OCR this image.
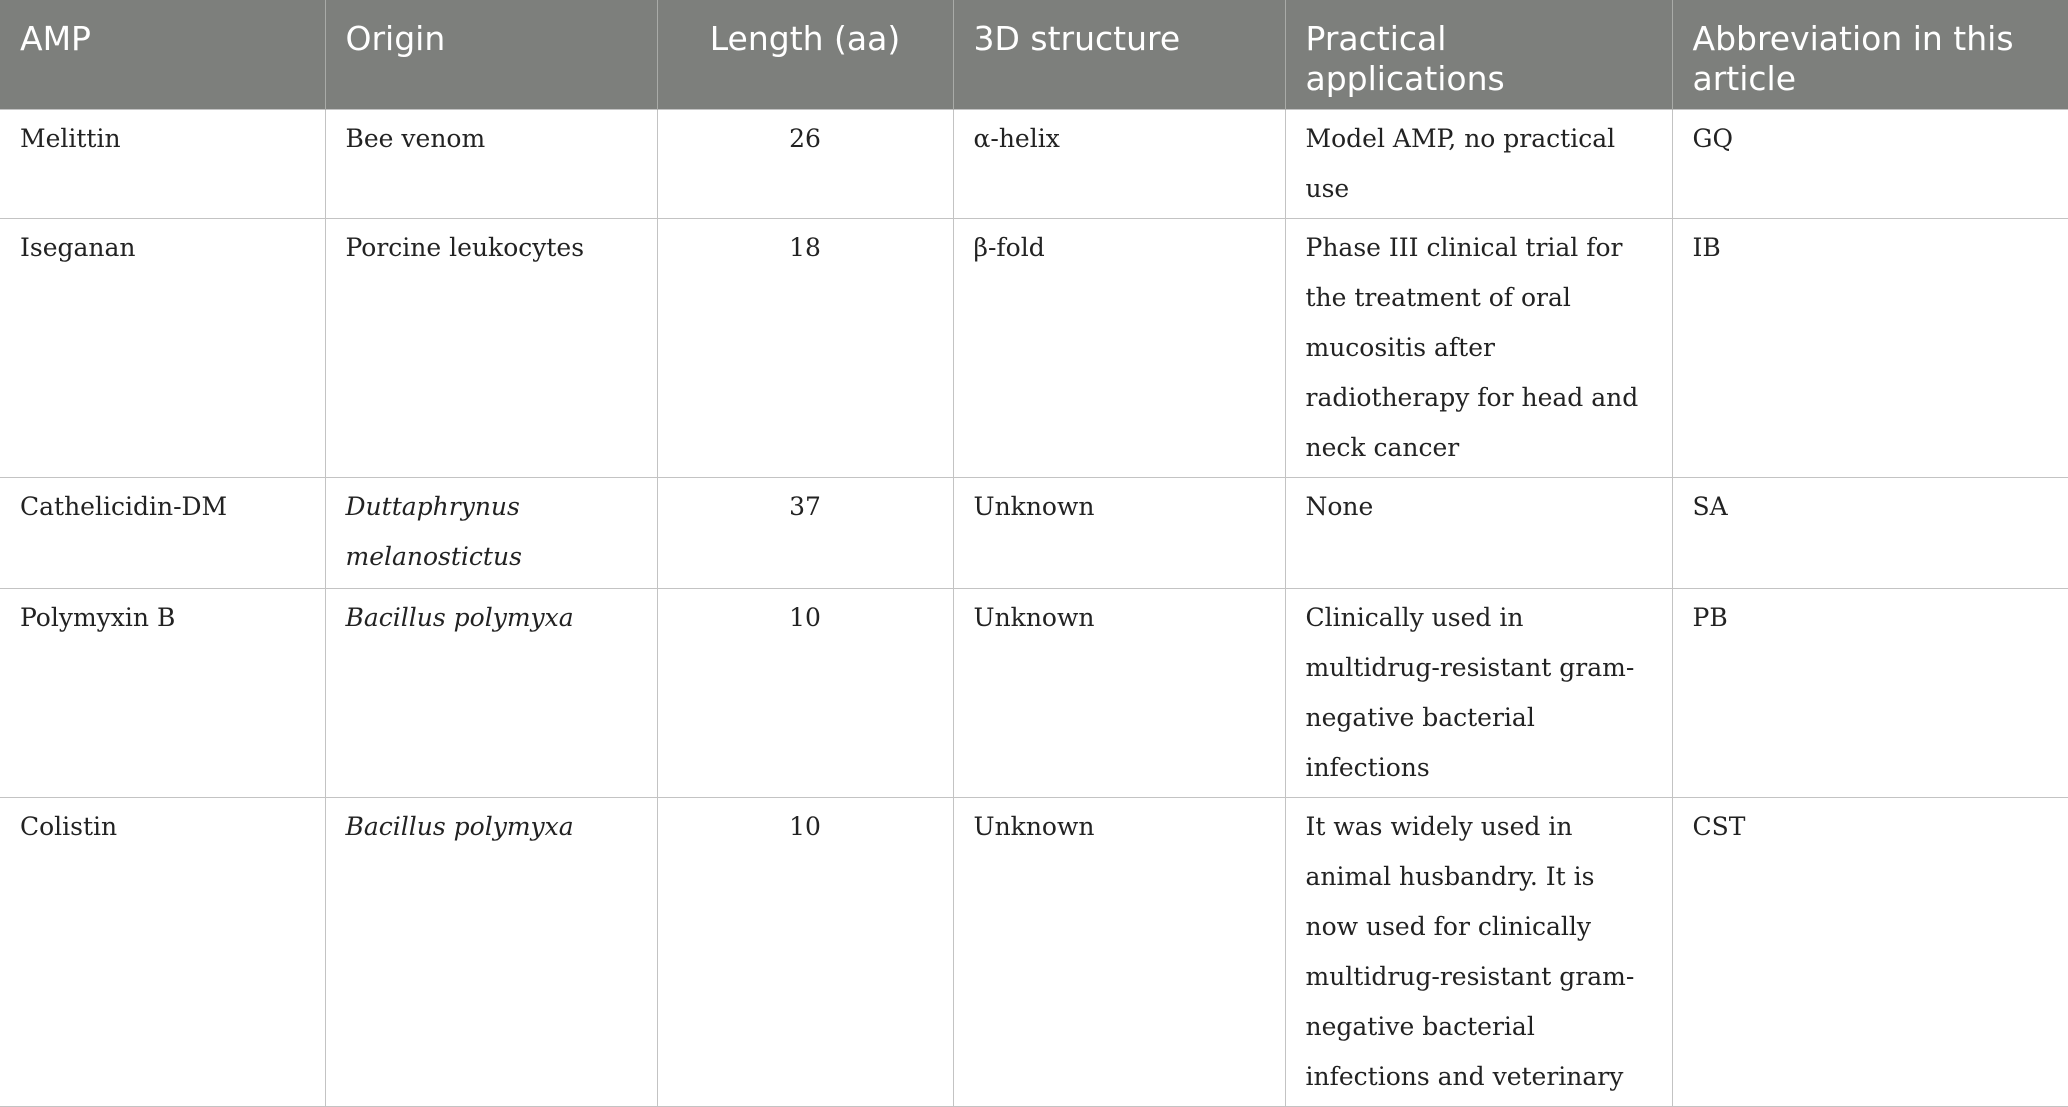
AMP	Origin	Length (aa)	3D structure	Practical applications	Abbreviation in this article
Melittin	Bee venom	26	α-helix	Model AMP, no practical use	GQ
Iseganan	Porcine leukocytes	18	β-fold	Phase III clinical trial for the treatment of oral mucositis after radiotherapy for head and neck cancer	IB
Cathelicidin-DM	Duttaphrynus melanostictus	37	Unknown	None	SA
Polymyxin B	Bacillus polymyxa	10	Unknown	Clinically used in multidrug-resistant gram-negative bacterial infections	PB
Colistin	Bacillus polymyxa	10	Unknown	It was widely used in animal husbandry. It is now used for clinically multidrug-resistant gram-negative bacterial infections and veterinary	CST
